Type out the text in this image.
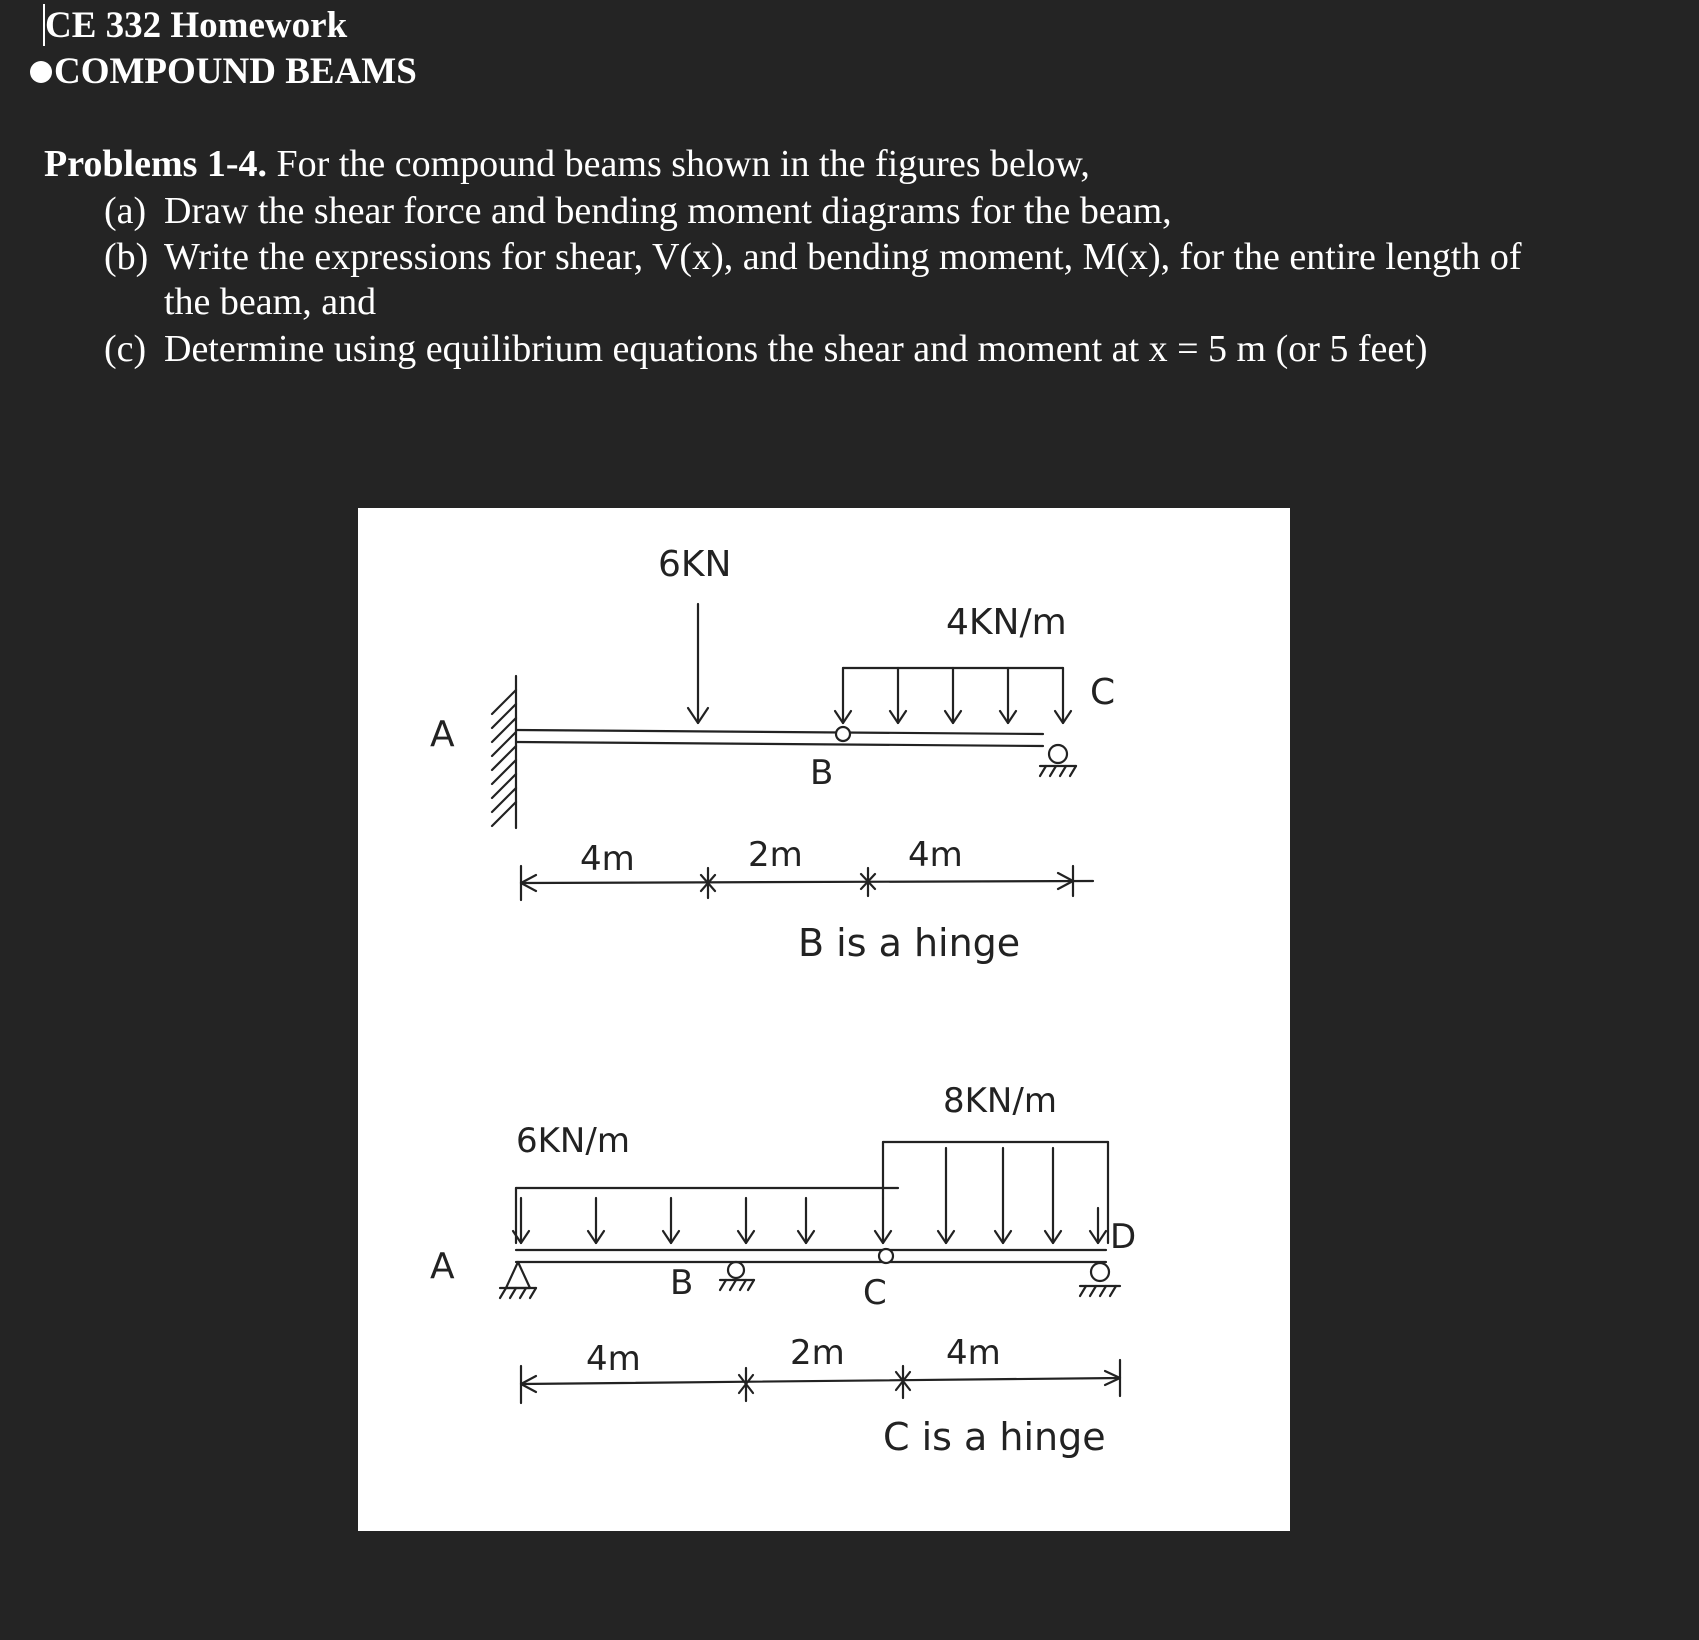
CE 332 Homework
COMPOUND BEAMS
Problems 1-4. For the compound beams shown in the figures below,
(a) Draw the shear force and bending moment diagrams for the beam,
(b) Write the expressions for shear, V(x), and bending moment, M(x), for the entire length of
the beam, and
(c) Determine using equilibrium equations the shear and moment at x = 5 m (or 5 feet)
6KN
4KN/m
A
B
C
4m	2m	4m
B is a hinge
6KN/m
8KN/m
A	B	C
D
4m	2m	4m
C is a hinge
